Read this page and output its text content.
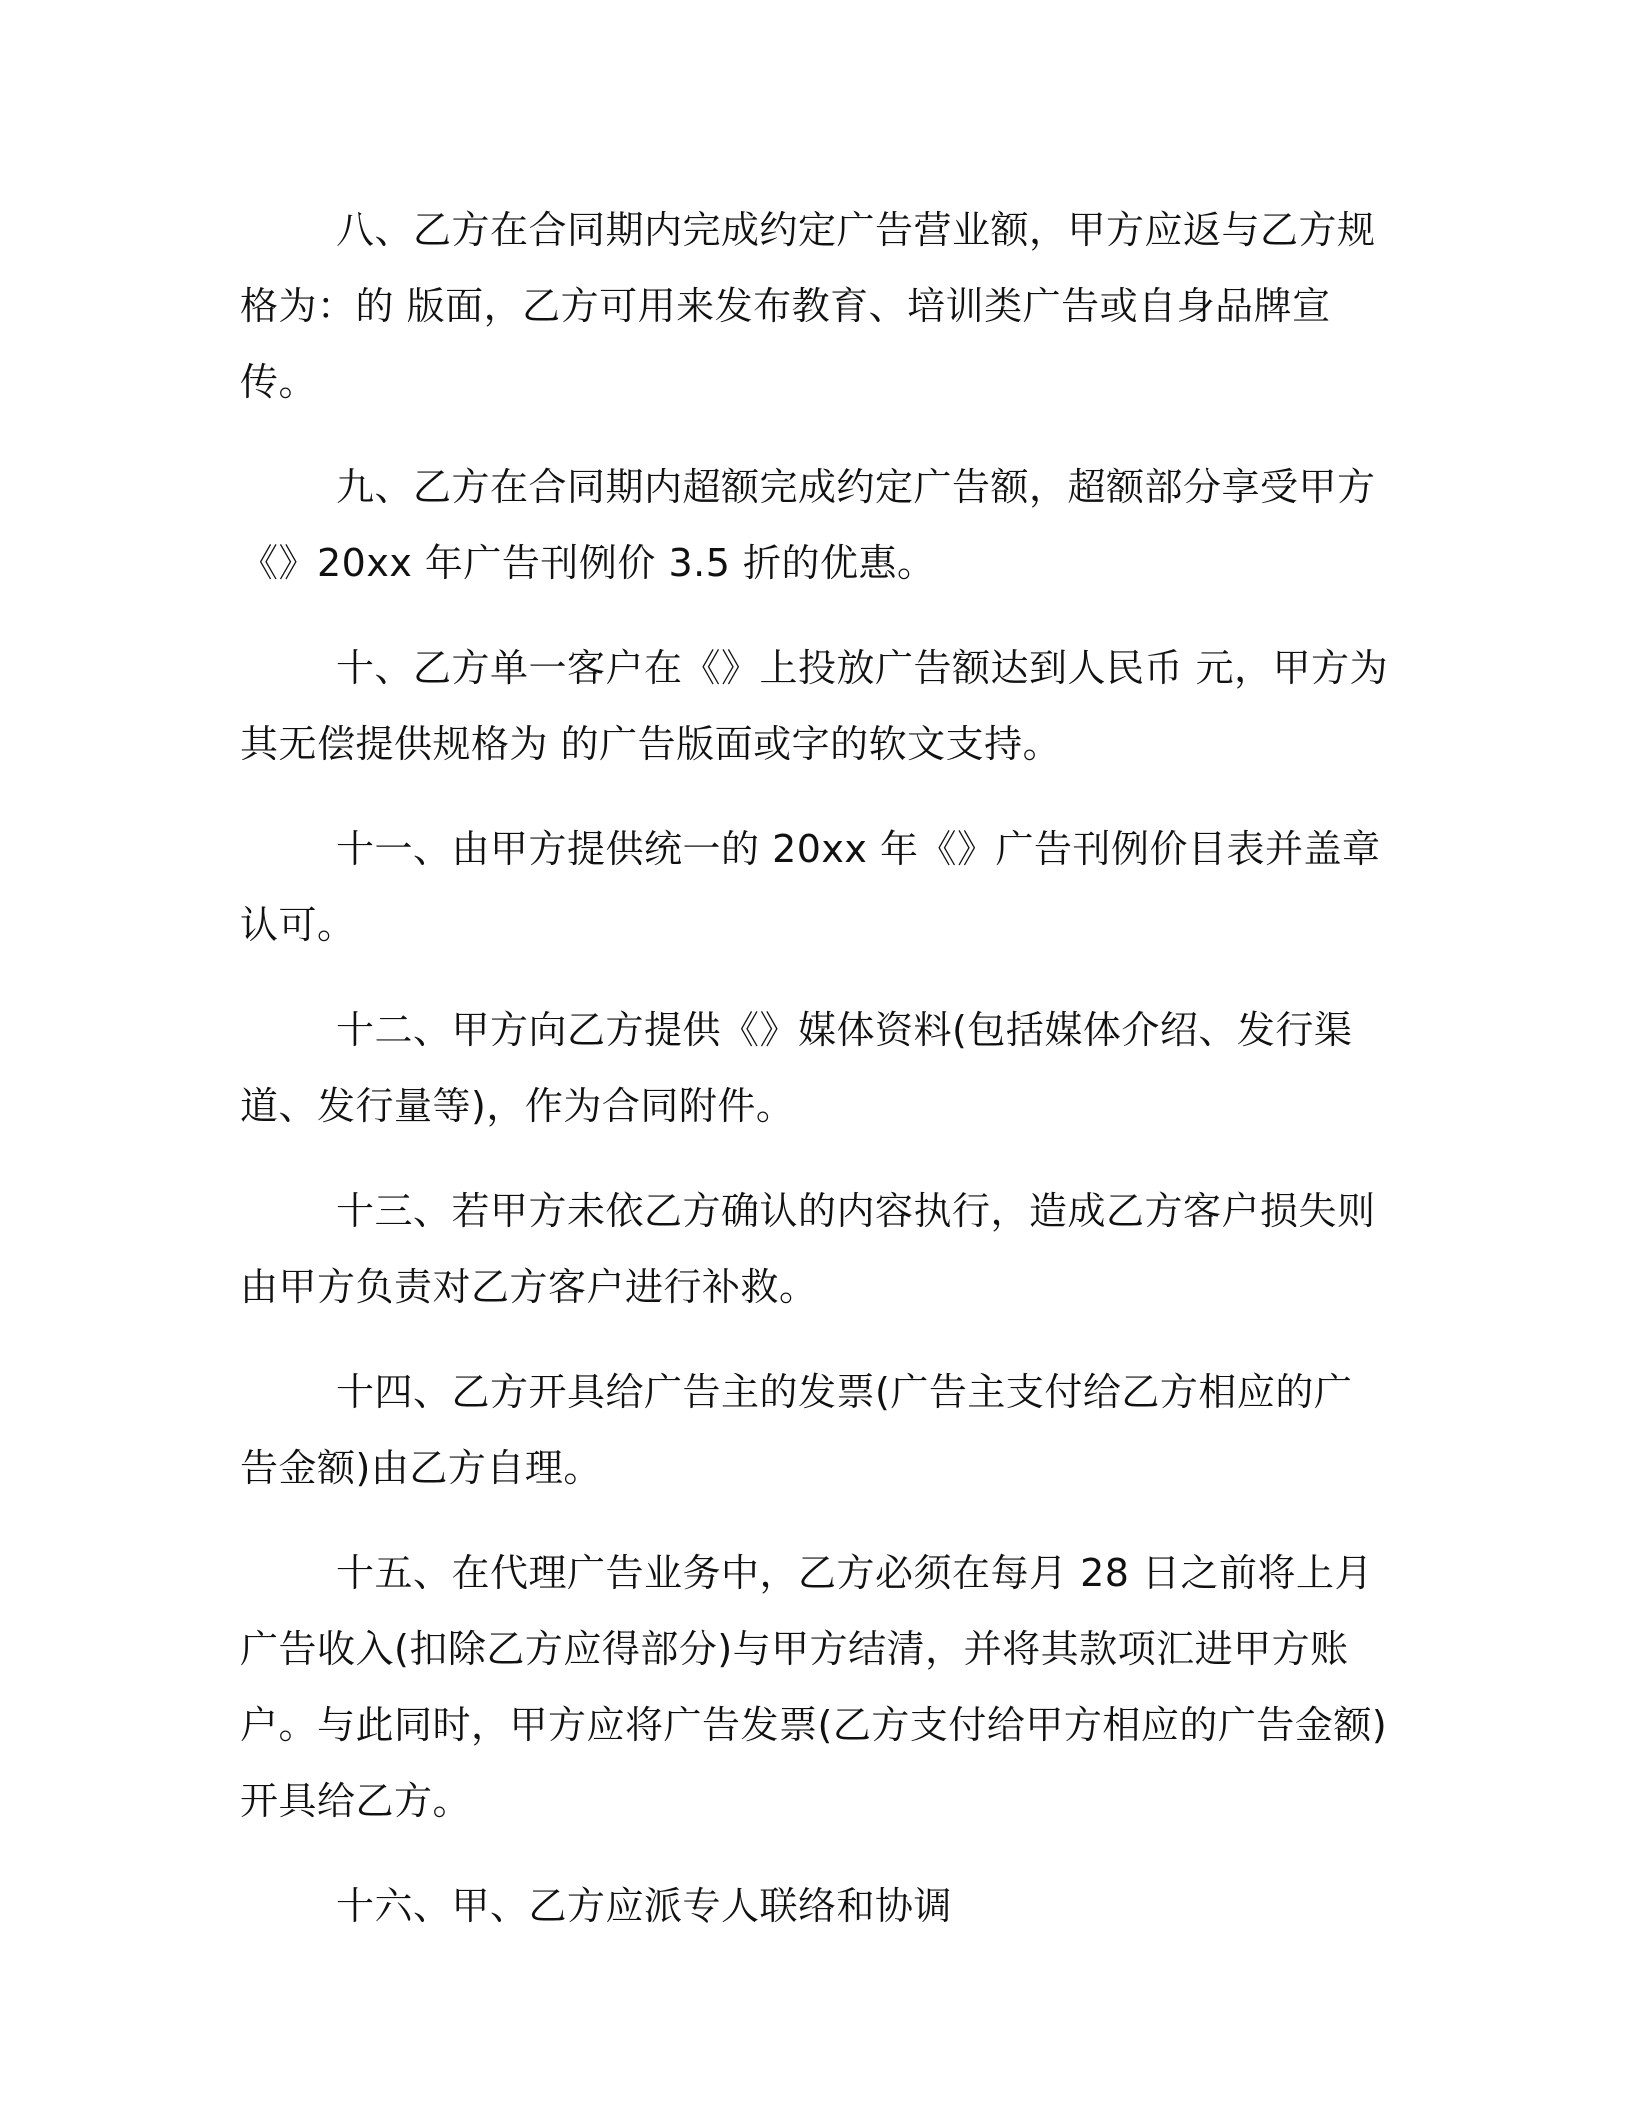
八、乙方在合同期内完成约定广告营业额，甲方应返与乙方规格为：的 版面，乙方可用来发布教育、培训类广告或自身品牌宣传。

九、乙方在合同期内超额完成约定广告额，超额部分享受甲方《》20xx 年广告刊例价 3.5 折的优惠。

十、乙方单一客户在《》上投放广告额达到人民币 元，甲方为其无偿提供规格为 的广告版面或字的软文支持。

十一、由甲方提供统一的 20xx 年《》广告刊例价目表并盖章认可。

十二、甲方向乙方提供《》媒体资料(包括媒体介绍、发行渠道、发行量等)，作为合同附件。

十三、若甲方未依乙方确认的内容执行，造成乙方客户损失则由甲方负责对乙方客户进行补救。

十四、乙方开具给广告主的发票(广告主支付给乙方相应的广告金额)由乙方自理。

十五、在代理广告业务中，乙方必须在每月 28 日之前将上月广告收入(扣除乙方应得部分)与甲方结清，并将其款项汇进甲方账户。与此同时，甲方应将广告发票(乙方支付给甲方相应的广告金额)开具给乙方。

十六、甲、乙方应派专人联络和协调
